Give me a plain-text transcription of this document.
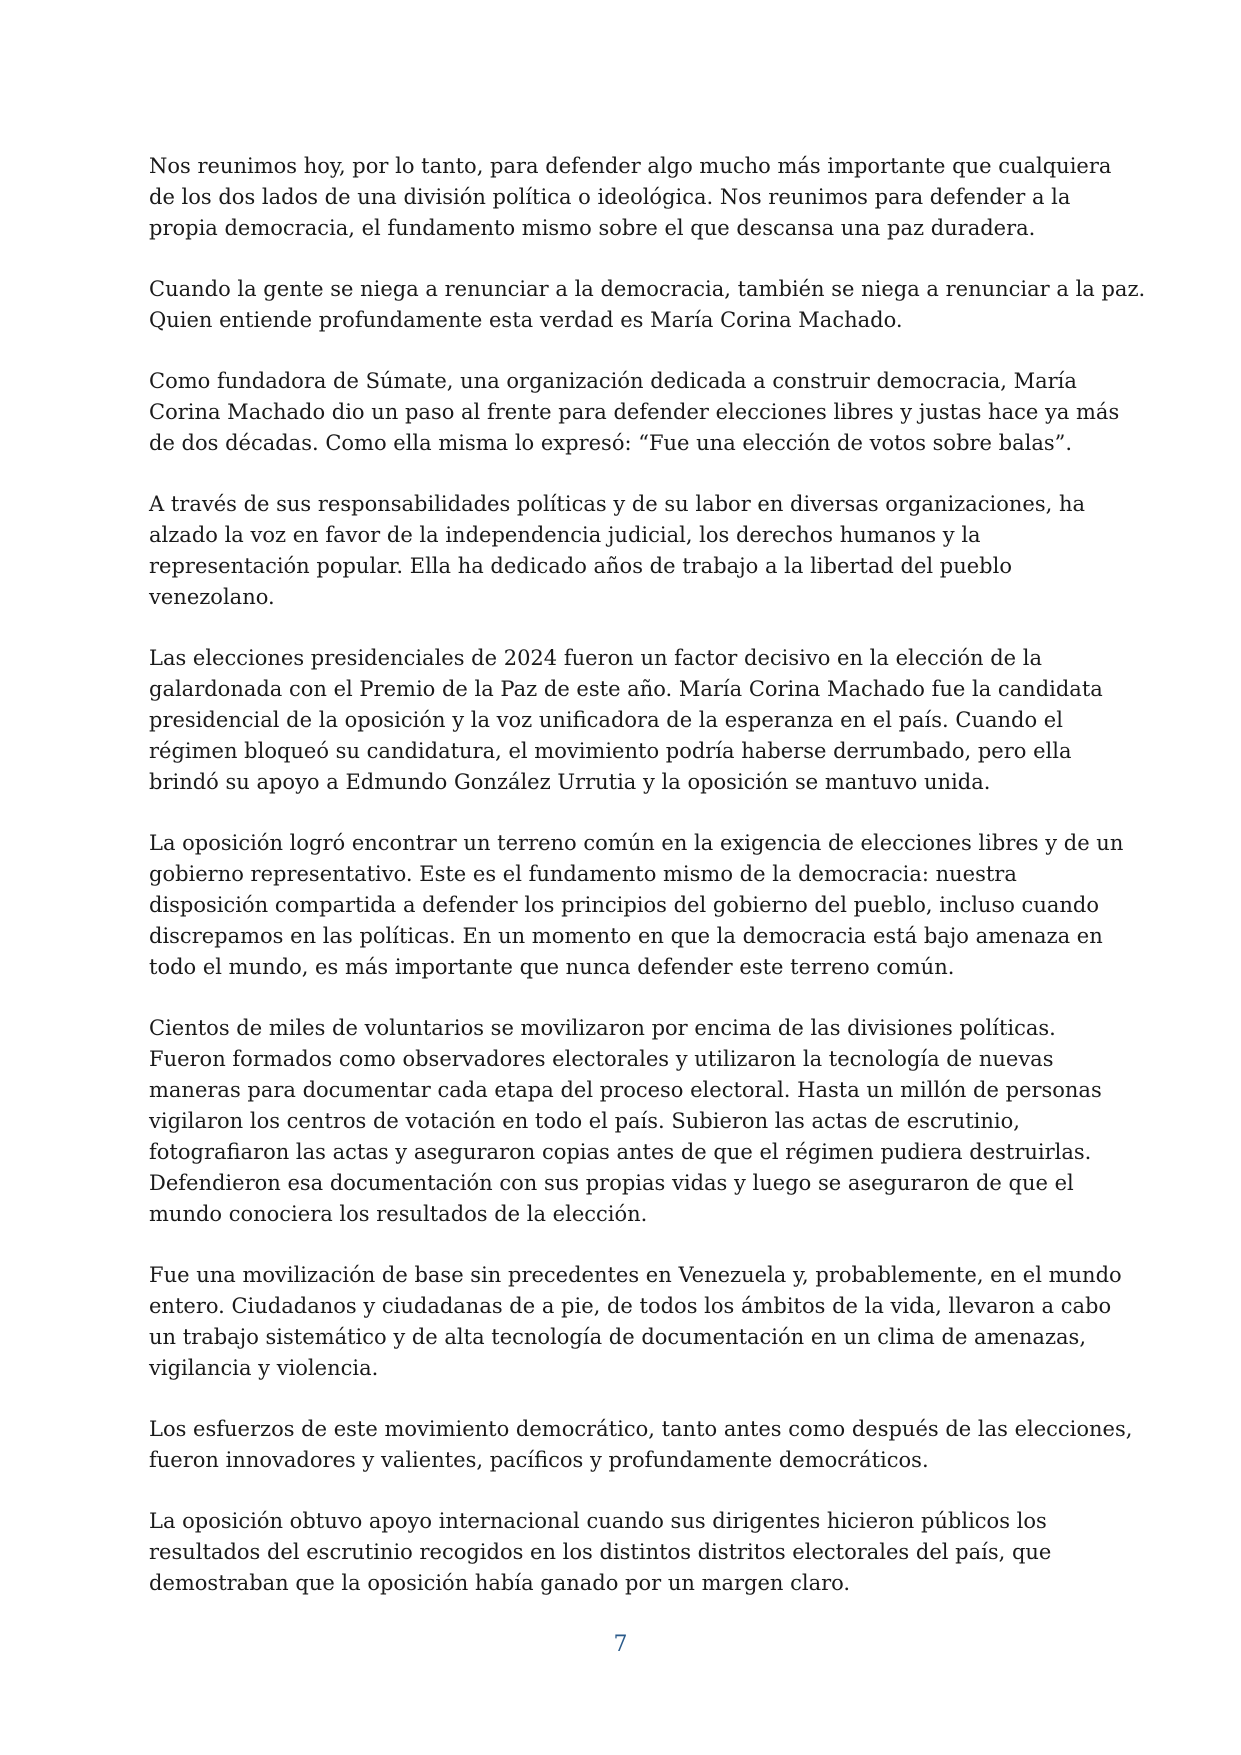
Nos reunimos hoy, por lo tanto, para defender algo mucho más importante que cualquiera
de los dos lados de una división política o ideológica. Nos reunimos para defender a la
propia democracia, el fundamento mismo sobre el que descansa una paz duradera.

Cuando la gente se niega a renunciar a la democracia, también se niega a renunciar a la paz.
Quien entiende profundamente esta verdad es María Corina Machado.

Como fundadora de Súmate, una organización dedicada a construir democracia, María
Corina Machado dio un paso al frente para defender elecciones libres y justas hace ya más
de dos décadas. Como ella misma lo expresó: “Fue una elección de votos sobre balas”.

A través de sus responsabilidades políticas y de su labor en diversas organizaciones, ha
alzado la voz en favor de la independencia judicial, los derechos humanos y la
representación popular. Ella ha dedicado años de trabajo a la libertad del pueblo
venezolano.

Las elecciones presidenciales de 2024 fueron un factor decisivo en la elección de la
galardonada con el Premio de la Paz de este año. María Corina Machado fue la candidata
presidencial de la oposición y la voz unificadora de la esperanza en el país. Cuando el
régimen bloqueó su candidatura, el movimiento podría haberse derrumbado, pero ella
brindó su apoyo a Edmundo González Urrutia y la oposición se mantuvo unida.

La oposición logró encontrar un terreno común en la exigencia de elecciones libres y de un
gobierno representativo. Este es el fundamento mismo de la democracia: nuestra
disposición compartida a defender los principios del gobierno del pueblo, incluso cuando
discrepamos en las políticas. En un momento en que la democracia está bajo amenaza en
todo el mundo, es más importante que nunca defender este terreno común.

Cientos de miles de voluntarios se movilizaron por encima de las divisiones políticas.
Fueron formados como observadores electorales y utilizaron la tecnología de nuevas
maneras para documentar cada etapa del proceso electoral. Hasta un millón de personas
vigilaron los centros de votación en todo el país. Subieron las actas de escrutinio,
fotografiaron las actas y aseguraron copias antes de que el régimen pudiera destruirlas.
Defendieron esa documentación con sus propias vidas y luego se aseguraron de que el
mundo conociera los resultados de la elección.

Fue una movilización de base sin precedentes en Venezuela y, probablemente, en el mundo
entero. Ciudadanos y ciudadanas de a pie, de todos los ámbitos de la vida, llevaron a cabo
un trabajo sistemático y de alta tecnología de documentación en un clima de amenazas,
vigilancia y violencia.

Los esfuerzos de este movimiento democrático, tanto antes como después de las elecciones,
fueron innovadores y valientes, pacíficos y profundamente democráticos.

La oposición obtuvo apoyo internacional cuando sus dirigentes hicieron públicos los
resultados del escrutinio recogidos en los distintos distritos electorales del país, que
demostraban que la oposición había ganado por un margen claro.

7
